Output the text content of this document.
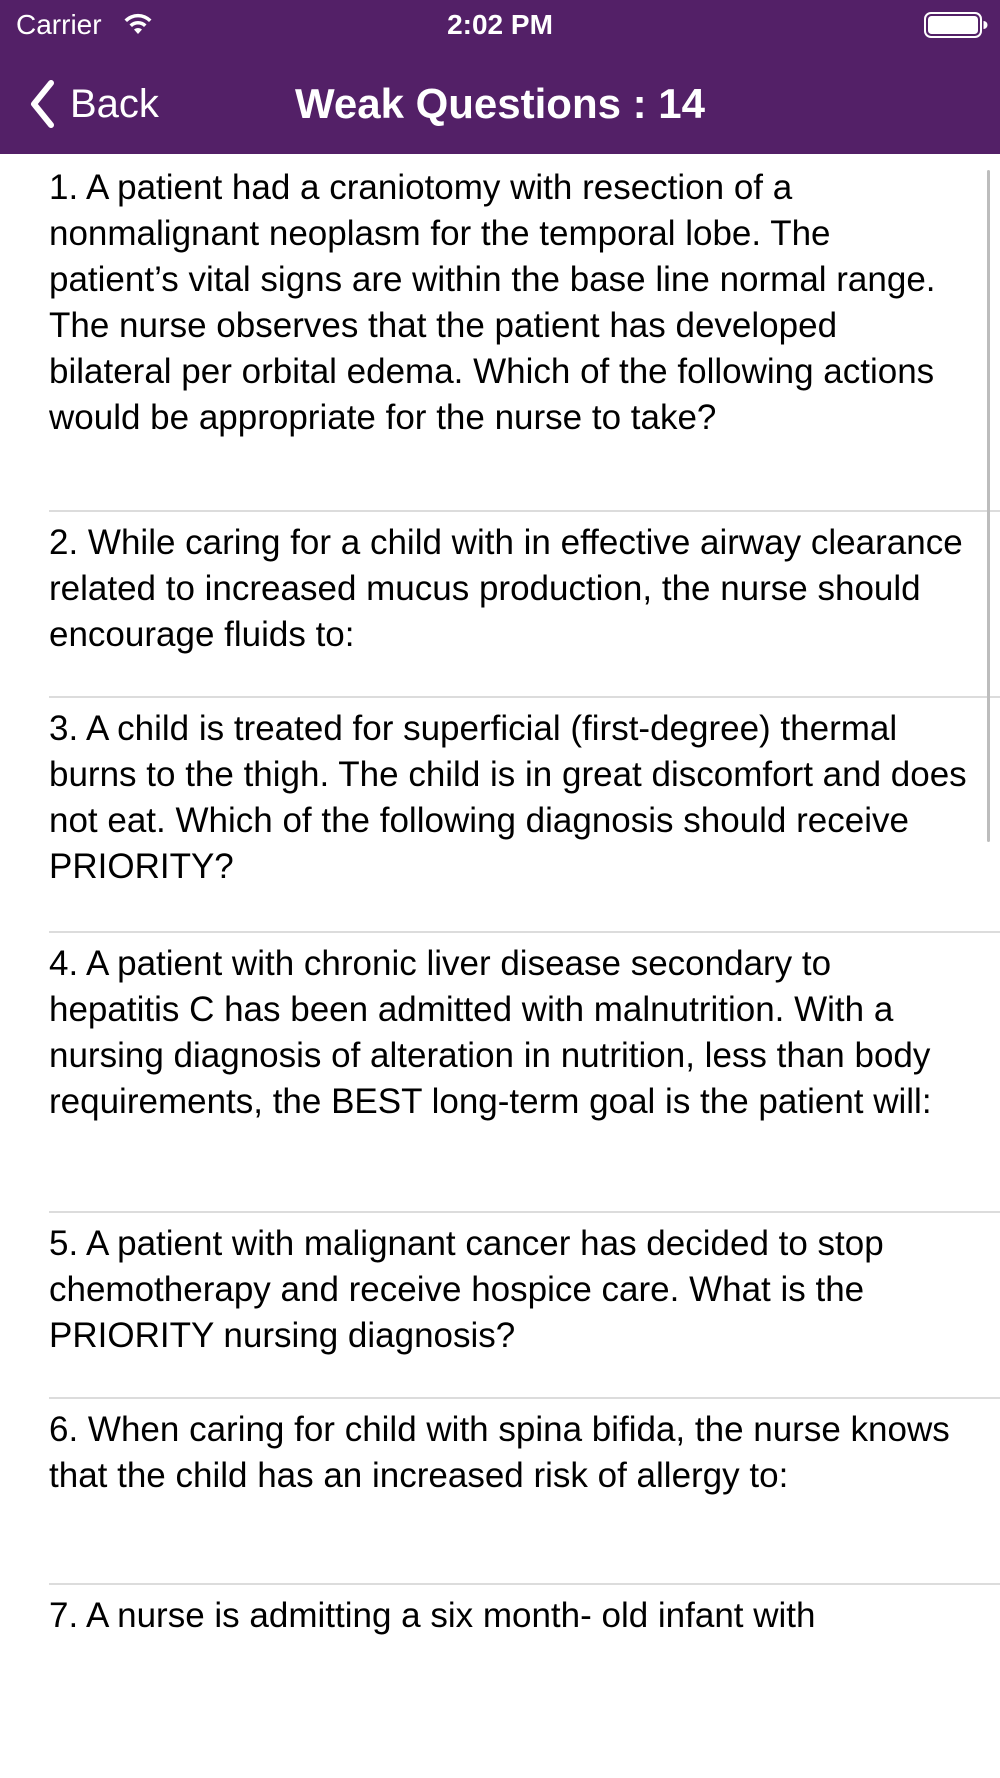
Carrier	2:02 PM
Back	Weak Questions : 14
1. A patient had a craniotomy with resection of a nonmalignant neoplasm for the temporal lobe. The patient’s vital signs are within the base line normal range. The nurse observes that the patient has developed bilateral per orbital edema. Which of the following actions would be appropriate for the nurse to take?
2. While caring for a child with in effective airway clearance related to increased mucus production, the nurse should encourage fluids to:
3. A child is treated for superficial (first-degree) thermal burns to the thigh. The child is in great discomfort and does not eat. Which of the following diagnosis should receive PRIORITY?
4. A patient with chronic liver disease secondary to hepatitis C has been admitted with malnutrition. With a nursing diagnosis of alteration in nutrition, less than body requirements, the BEST long-term goal is the patient will:
5. A patient with malignant cancer has decided to stop chemotherapy and receive hospice care. What is the PRIORITY nursing diagnosis?
6. When caring for child with spina bifida, the nurse knows that the child has an increased risk of allergy to:
7. A nurse is admitting a six month- old infant with
